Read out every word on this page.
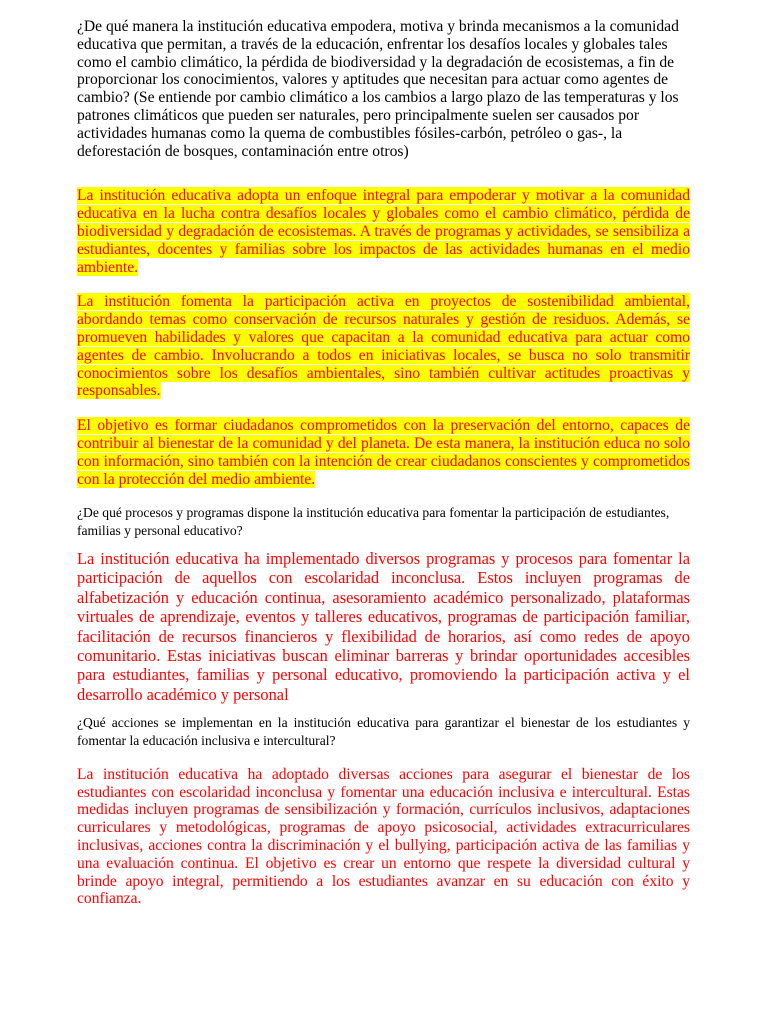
¿De qué manera la institución educativa empodera, motiva y brinda mecanismos a la comunidad educativa que permitan, a través de la educación, enfrentar los desafíos locales y globales tales como el cambio climático, la pérdida de biodiversidad y la degradación de ecosistemas, a fin de proporcionar los conocimientos, valores y aptitudes que necesitan para actuar como agentes de cambio? (Se entiende por cambio climático a los cambios a largo plazo de las temperaturas y los patrones climáticos que pueden ser naturales, pero principalmente suelen ser causados por actividades humanas como la quema de combustibles fósiles-carbón, petróleo o gas-, la deforestación de bosques, contaminación entre otros)

La institución educativa adopta un enfoque integral para empoderar y motivar a la comunidad educativa en la lucha contra desafíos locales y globales como el cambio climático, pérdida de biodiversidad y degradación de ecosistemas. A través de programas y actividades, se sensibiliza a estudiantes, docentes y familias sobre los impactos de las actividades humanas en el medio ambiente.

La institución fomenta la participación activa en proyectos de sostenibilidad ambiental, abordando temas como conservación de recursos naturales y gestión de residuos. Además, se promueven habilidades y valores que capacitan a la comunidad educativa para actuar como agentes de cambio. Involucrando a todos en iniciativas locales, se busca no solo transmitir conocimientos sobre los desafíos ambientales, sino también cultivar actitudes proactivas y responsables.

El objetivo es formar ciudadanos comprometidos con la preservación del entorno, capaces de contribuir al bienestar de la comunidad y del planeta. De esta manera, la institución educa no solo con información, sino también con la intención de crear ciudadanos conscientes y comprometidos con la protección del medio ambiente.

¿De qué procesos y programas dispone la institución educativa para fomentar la participación de estudiantes, familias y personal educativo?

La institución educativa ha implementado diversos programas y procesos para fomentar la participación de aquellos con escolaridad inconclusa. Estos incluyen programas de alfabetización y educación continua, asesoramiento académico personalizado, plataformas virtuales de aprendizaje, eventos y talleres educativos, programas de participación familiar, facilitación de recursos financieros y flexibilidad de horarios, así como redes de apoyo comunitario. Estas iniciativas buscan eliminar barreras y brindar oportunidades accesibles para estudiantes, familias y personal educativo, promoviendo la participación activa y el desarrollo académico y personal

¿Qué acciones se implementan en la institución educativa para garantizar el bienestar de los estudiantes y fomentar la educación inclusiva e intercultural?

La institución educativa ha adoptado diversas acciones para asegurar el bienestar de los estudiantes con escolaridad inconclusa y fomentar una educación inclusiva e intercultural. Estas medidas incluyen programas de sensibilización y formación, currículos inclusivos, adaptaciones curriculares y metodológicas, programas de apoyo psicosocial, actividades extracurriculares inclusivas, acciones contra la discriminación y el bullying, participación activa de las familias y una evaluación continua. El objetivo es crear un entorno que respete la diversidad cultural y brinde apoyo integral, permitiendo a los estudiantes avanzar en su educación con éxito y confianza.
